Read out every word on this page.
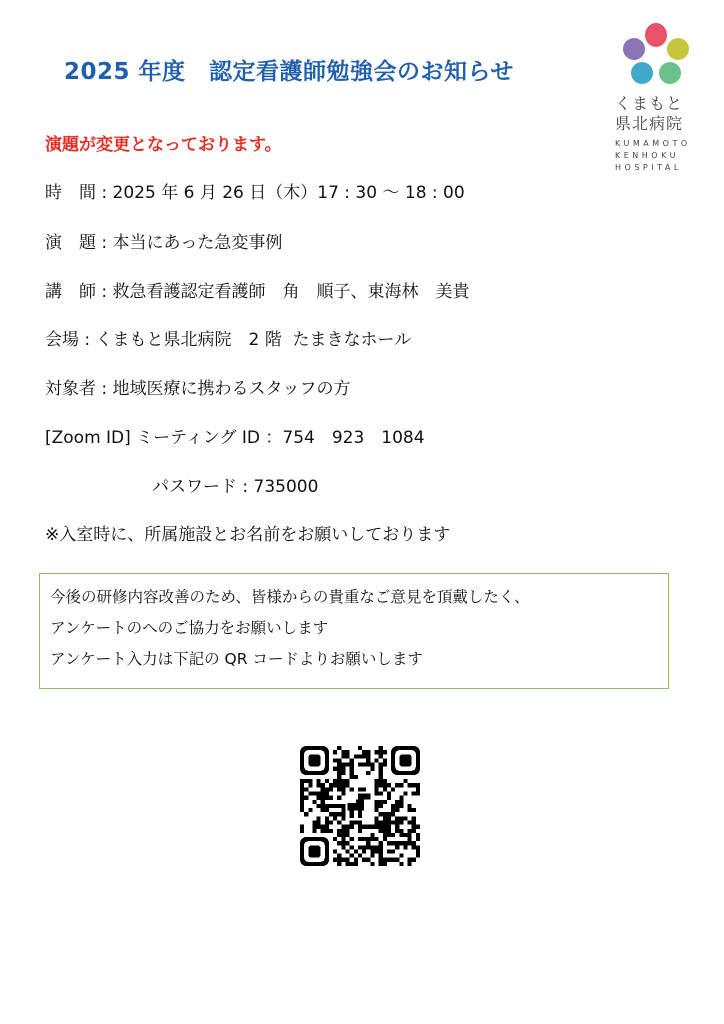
2025 年度　認定看護師勉強会のお知らせ
くまもと
県北病院
KUMAMOTO
KENHOKU
HOSPITAL
演題が変更となっております。
時　間 : 2025 年 6 月 26 日（木）17 : 30 〜 18 : 00
演　題 : 本当にあった急変事例
講　師 : 救急看護認定看護師　角　順子、東海林　美貴
会場 : くまもと県北病院　2 階  たまきなホール
対象者 : 地域医療に携わるスタッフの方
[Zoom ID] ミーティング ID ：754　923　1084
パスワード : 735000
※入室時に、所属施設とお名前をお願いしております
今後の研修内容改善のため、皆様からの貴重なご意見を頂戴したく、
アンケートのへのご協力をお願いします
アンケート入力は下記の QR コードよりお願いします
